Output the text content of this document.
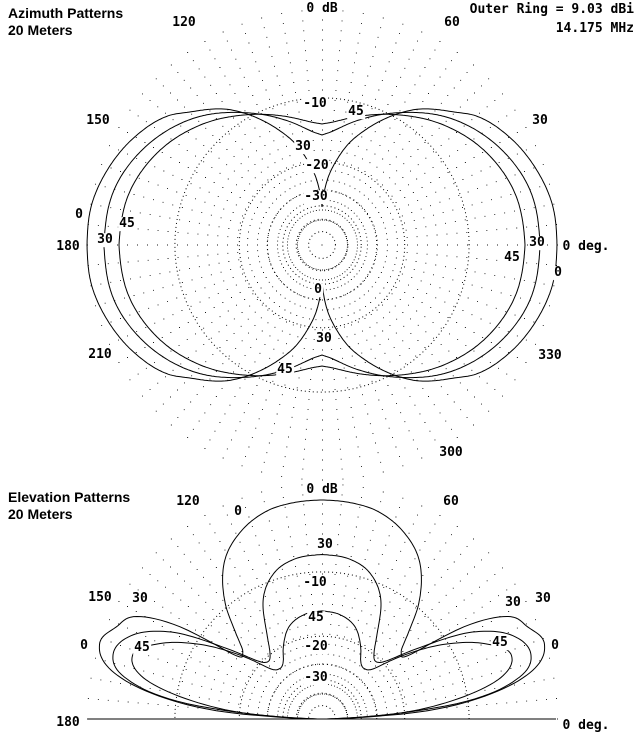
Azimuth Patterns
20 Meters
Outer Ring = 9.03 dBi
14.175 MHz
Elevation Patterns
20 Meters
0 dB
120	60
150	30
180	0 deg.
210	330
300
-10
-20
-30
45
30
0
30
45
0
45
30	30
45
0
0 dB
120	60
150	30
180	0 deg.
-10
-20
-30
0
30
45
30
0	45
30
45	0
